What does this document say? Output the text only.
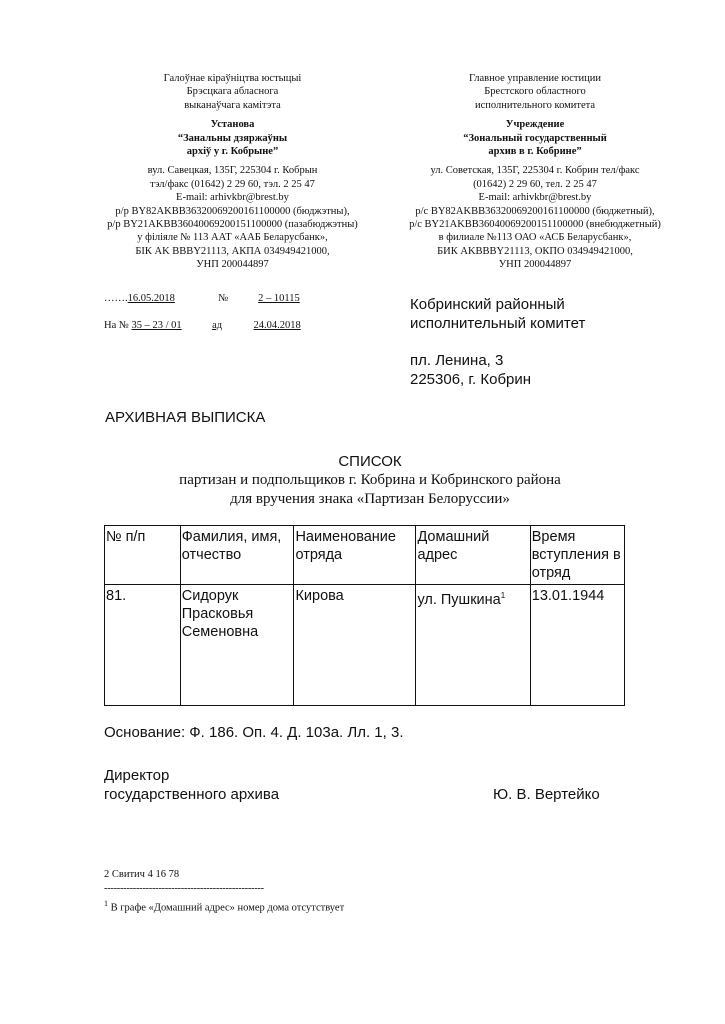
Галоўнае кіраўніцтва юстыцыі
Брэсцкага абласнога
выканаўчага камітэта
Установа
“Занальны дзяржаўны
архіў у г. Кобрыне”
вул. Савецкая, 135Г, 225304 г. Кобрын
тэл/факс (01642) 2 29 60, тэл. 2 25 47
E-mail: arhivkbr@brest.by
р/р BY82AKBB36320069200161100000 (бюджэтны),
р/р BY21AKBB36040069200151100000 (пазабюджэтны)
у філіяле № 113 ААТ «ААБ Беларусбанк»,
БІК AK BBBY21113, АКПА 034949421000,
УНП 200044897
Главное управление юстиции
Брестского областного
исполнительного комитета
Учреждение
“Зональный государственный
архив в г. Кобрине”
ул. Советская, 135Г, 225304 г. Кобрин тел/факс
(01642) 2 29 60, тел. 2 25 47
E-mail: arhivkbr@brest.by
р/с BY82AKBB36320069200161100000 (бюджетный),
р/с BY21AKBB36040069200151100000 (внебюджетный)
в филиале №113 ОАО «АСБ Беларусбанк»,
БИК AKBBBY21113, ОКПО 034949421000,
УНП 200044897
…….16.05.2018	№	2 – 10115
На № 35 – 23 / 01	ад	24.04.2018
Кобринский районный
исполнительный комитет
пл. Ленина, 3
225306, г. Кобрин
АРХИВНАЯ ВЫПИСКА
СПИСОК
партизан и подпольщиков г. Кобрина и Кобринского района
для вручения знака «Партизан Белоруссии»
№ п/п	Фамилия, имя, отчество	Наименование отряда	Домашний адрес	Время вступления в отряд
81.	Сидорук Прасковья Семеновна	Кирова	ул. Пушкина$^1$	13.01.1944
Основание: Ф. 186. Оп. 4. Д. 103а. Лл. 1, 3.
Директор
государственного архива	Ю. В. Вертейко
2 Свитич 4 16 78
--------------------------------------------------
$^1$ В графе «Домашний адрес» номер дома отсутствует
